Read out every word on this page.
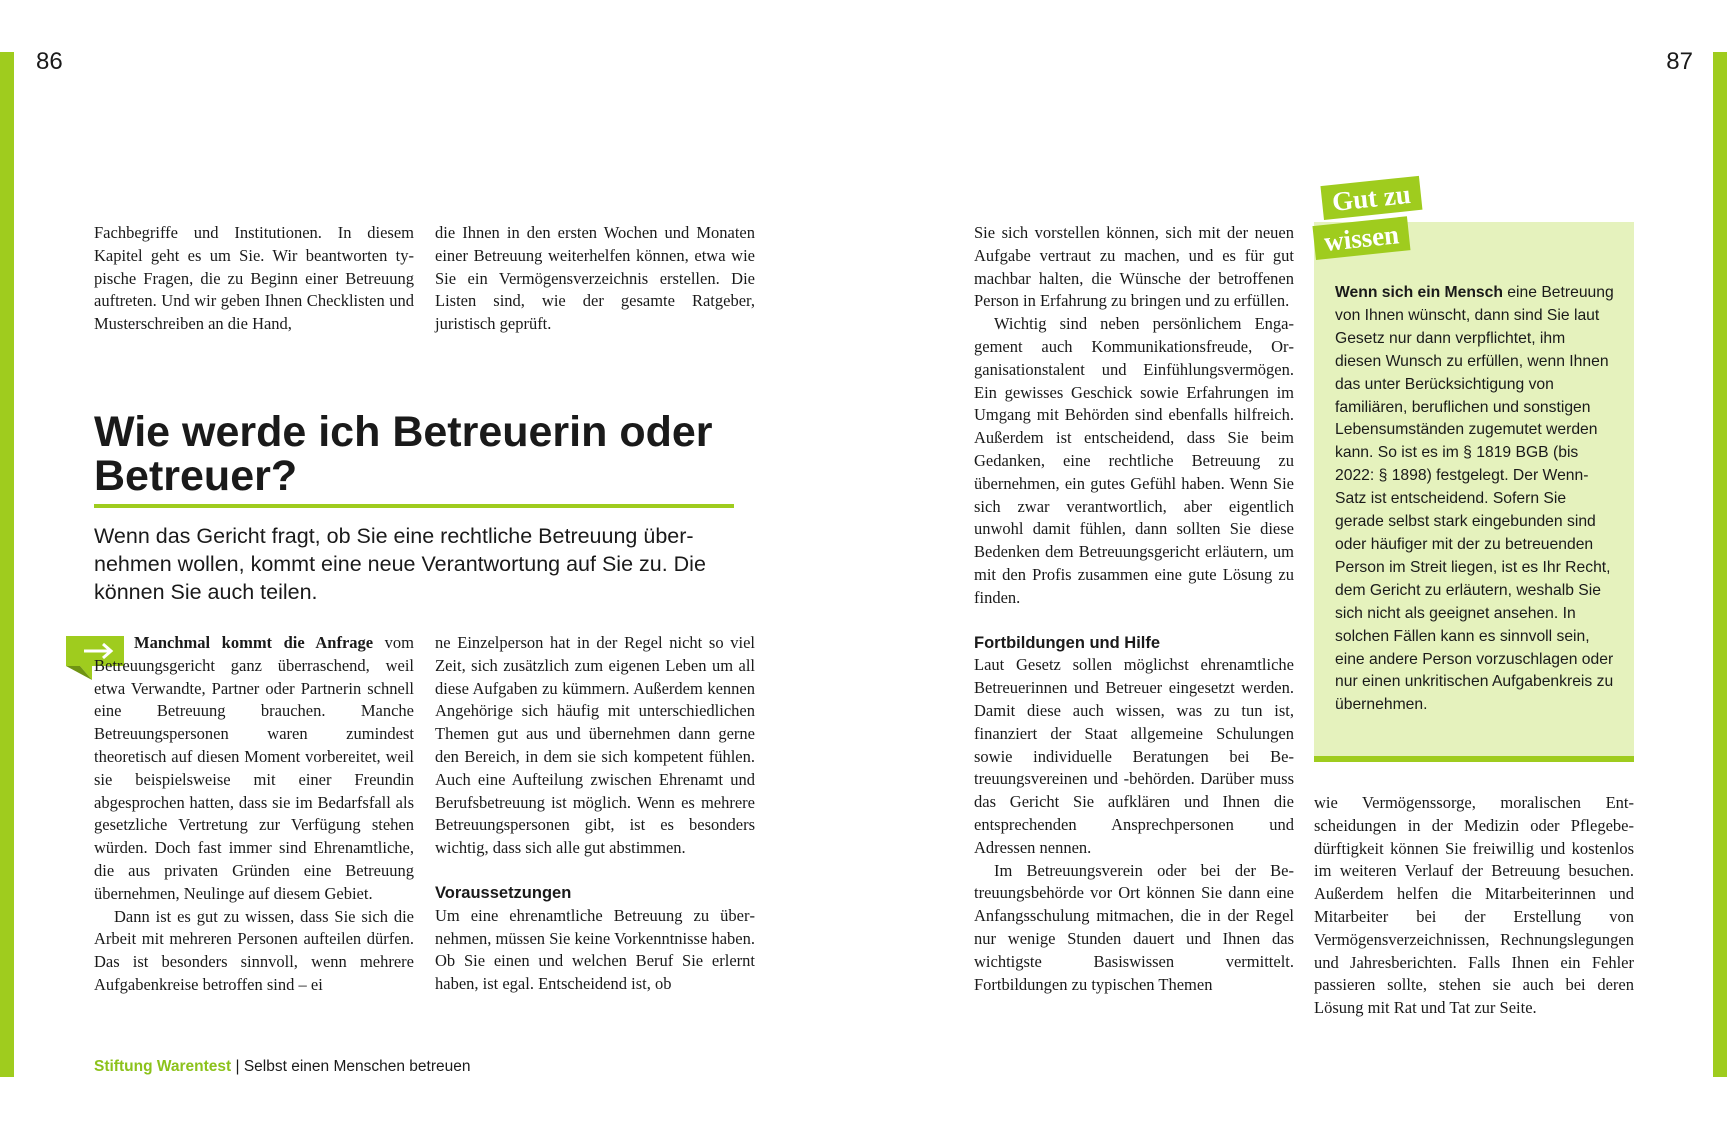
86	87

Fachbegriffe und Institutionen. In diesem Kapitel geht es um Sie. Wir beantworten typische Fragen, die zu Beginn einer Betreuung auftreten. Und wir geben Ihnen Checklisten und Musterschreiben an die Hand,

die Ihnen in den ersten Wochen und Monaten einer Betreuung weiterhelfen können, etwa wie Sie ein Vermögensverzeichnis erstellen. Die Listen sind, wie der gesamte Ratgeber, juristisch geprüft.

Wie werde ich Betreuerin oder Betreuer?

Wenn das Gericht fragt, ob Sie eine rechtliche Betreuung übernehmen wollen, kommt eine neue Verantwortung auf Sie zu. Die können Sie auch teilen.

Manchmal kommt die Anfrage vom Betreuungsgericht ganz überraschend, weil etwa Verwandte, Partner oder Partnerin schnell eine Betreuung brauchen. Manche Betreuungspersonen waren zumindest theoretisch auf diesen Moment vorbereitet, weil sie beispielsweise mit einer Freundin abgesprochen hatten, dass sie im Bedarfsfall als gesetzliche Vertretung zur Verfügung stehen würden. Doch fast immer sind Ehrenamtliche, die aus privaten Gründen eine Betreuung übernehmen, Neulinge auf diesem Gebiet.

Dann ist es gut zu wissen, dass Sie sich die Arbeit mit mehreren Personen aufteilen dürfen. Das ist besonders sinnvoll, wenn mehrere Aufgabenkreise betroffen sind – ei

ne Einzelperson hat in der Regel nicht so viel Zeit, sich zusätzlich zum eigenen Leben um all diese Aufgaben zu kümmern. Außerdem kennen Angehörige sich häufig mit unterschiedlichen Themen gut aus und übernehmen dann gerne den Bereich, in dem sie sich kompetent fühlen. Auch eine Aufteilung zwischen Ehrenamt und Berufsbetreuung ist möglich. Wenn es mehrere Betreuungspersonen gibt, ist es besonders wichtig, dass sich alle gut abstimmen.

Voraussetzungen

Um eine ehrenamtliche Betreuung zu übernehmen, müssen Sie keine Vorkenntnisse haben. Ob Sie einen und welchen Beruf Sie erlernt haben, ist egal. Entscheidend ist, ob

Sie sich vorstellen können, sich mit der neuen Aufgabe vertraut zu machen, und es für gut machbar halten, die Wünsche der betroffenen Person in Erfahrung zu bringen und zu erfüllen.

Wichtig sind neben persönlichem Engagement auch Kommunikationsfreude, Organisationstalent und Einfühlungsvermögen. Ein gewisses Geschick sowie Erfahrungen im Umgang mit Behörden sind ebenfalls hilfreich. Außerdem ist entscheidend, dass Sie beim Gedanken, eine rechtliche Betreuung zu übernehmen, ein gutes Gefühl haben. Wenn Sie sich zwar verantwortlich, aber eigentlich unwohl damit fühlen, dann sollten Sie diese Bedenken dem Betreuungsgericht erläutern, um mit den Profis zusammen eine gute Lösung zu finden.

Fortbildungen und Hilfe

Laut Gesetz sollen möglichst ehrenamtliche Betreuerinnen und Betreuer eingesetzt werden. Damit diese auch wissen, was zu tun ist, finanziert der Staat allgemeine Schulungen sowie individuelle Beratungen bei Betreuungsvereinen und -behörden. Darüber muss das Gericht Sie aufklären und Ihnen die entsprechenden Ansprechpersonen und Adressen nennen.

Im Betreuungsverein oder bei der Betreuungsbehörde vor Ort können Sie dann eine Anfangsschulung mitmachen, die in der Regel nur wenige Stunden dauert und Ihnen das wichtigste Basiswissen vermittelt. Fortbildungen zu typischen Themen

Gut zu
wissen

Wenn sich ein Mensch eine Betreuung von Ihnen wünscht, dann sind Sie laut Gesetz nur dann verpflichtet, ihm diesen Wunsch zu erfüllen, wenn Ihnen das unter Berücksichtigung von familiären, beruflichen und sonstigen Lebensumständen zugemutet werden kann. So ist es im § 1819 BGB (bis 2022: § 1898) festgelegt. Der Wenn-Satz ist entscheidend. Sofern Sie gerade selbst stark eingebunden sind oder häufiger mit der zu betreuenden Person im Streit liegen, ist es Ihr Recht, dem Gericht zu erläutern, weshalb Sie sich nicht als geeignet ansehen. In solchen Fällen kann es sinnvoll sein, eine andere Person vorzuschlagen oder nur einen unkritischen Aufgabenkreis zu übernehmen.

wie Vermögenssorge, moralischen Entscheidungen in der Medizin oder Pflegebedürftigkeit können Sie freiwillig und kostenlos im weiteren Verlauf der Betreuung besuchen. Außerdem helfen die Mitarbeiterinnen und Mitarbeiter bei der Erstellung von Vermögensverzeichnissen, Rechnungslegungen und Jahresberichten. Falls Ihnen ein Fehler passieren sollte, stehen sie auch bei deren Lösung mit Rat und Tat zur Seite.

Stiftung Warentest | Selbst einen Menschen betreuen
